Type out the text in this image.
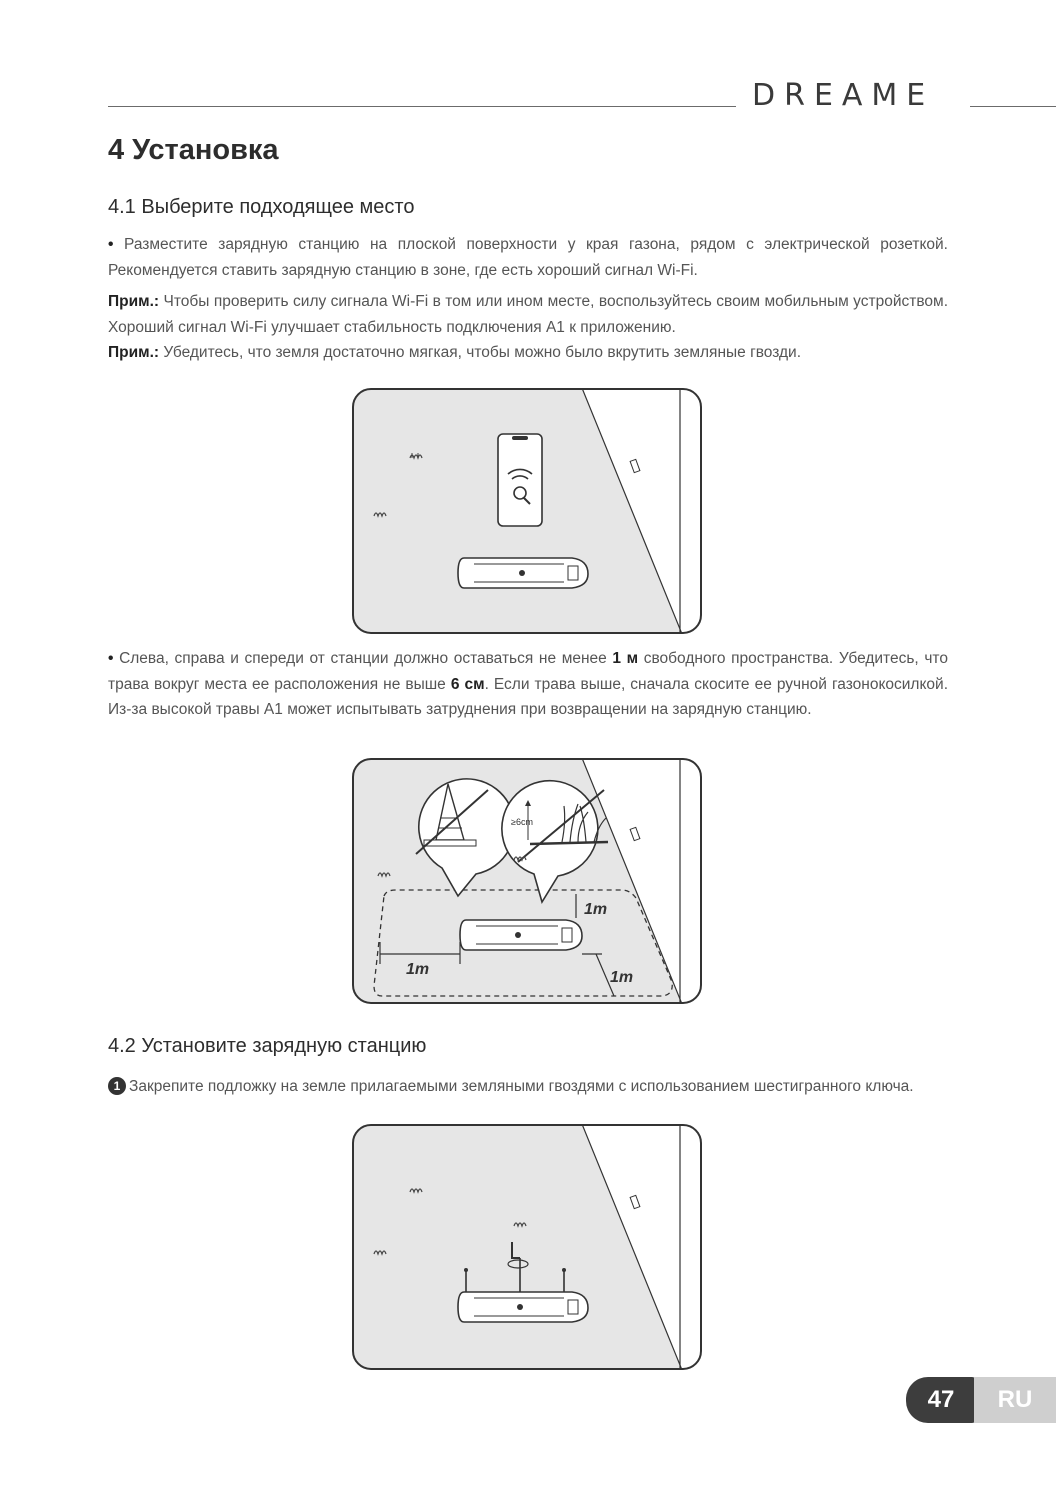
DREAME
4 Установка
4.1 Выберите подходящее место

• Разместите зарядную станцию на плоской поверхности у края газона, рядом с электрической розеткой. Рекомендуется ставить зарядную станцию в зоне, где есть хороший сигнал Wi-Fi.

Прим.: Чтобы проверить силу сигнала Wi-Fi в том или ином месте, воспользуйтесь своим мобильным устройством. Хороший сигнал Wi-Fi улучшает стабильность подключения A1 к приложению.

Прим.: Убедитесь, что земля достаточно мягкая, чтобы можно было вкрутить земляные гвозди.

• Слева, справа и спереди от станции должно оставаться не менее 1 м свободного пространства. Убедитесь, что трава вокруг места ее расположения не выше 6 см. Если трава выше, сначала скосите ее ручной газонокосилкой. Из-за высокой травы A1 может испытывать затруднения при возвращении на зарядную станцию.

≥6cm
1m
1m
1m
4.2 Установите зарядную станцию

1 Закрепите подложку на земле прилагаемыми земляными гвоздями с использованием шестигранного ключа.

47	RU
